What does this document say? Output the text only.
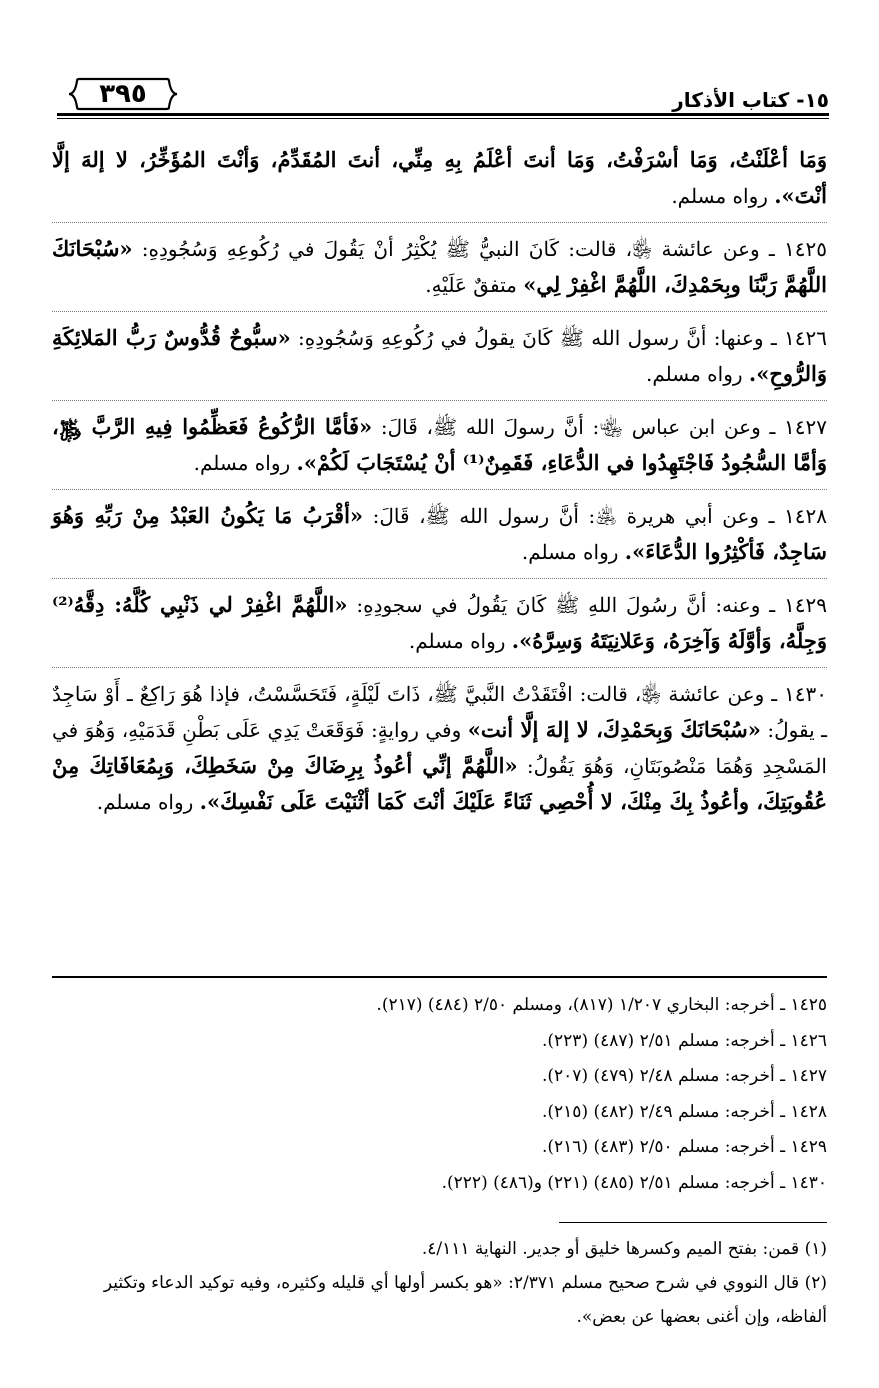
٣٩٥	١٥- كتاب الأذكار

وَمَا أعْلَنْتُ، وَمَا أسْرَفْتُ، وَمَا أنتَ أعْلَمُ بِهِ مِنِّي، أنتَ المُقَدِّمُ، وَأنْتَ المُؤَخِّرُ، لا إلهَ إلَّا أنْتَ». رواه مسلم.

١٤٢٥ ـ وعن عائشة ﵂، قالت: كَانَ النبيُّ ﷺ يُكْثِرُ أنْ يَقُولَ في رُكُوعِهِ وَسُجُودِهِ: «سُبْحَانَكَ اللَّهُمَّ رَبَّنَا وبِحَمْدِكَ، اللَّهُمَّ اغْفِرْ لِي» متفقٌ عَلَيْهِ.

١٤٢٦ ـ وعنها: أنَّ رسول الله ﷺ كَانَ يقولُ في رُكُوعِهِ وَسُجُودِهِ: «سبُّوحٌ قُدُّوسٌ رَبُّ المَلائِكَةِ وَالرُّوحِ». رواه مسلم.

١٤٢٧ ـ وعن ابن عباس ﵄: أنَّ رسولَ الله ﷺ، قَالَ: «فَأمَّا الرُّكُوعُ فَعَظِّمُوا فِيهِ الرَّبَّ ﷿، وَأمَّا السُّجُودُ فَاجْتَهِدُوا في الدُّعَاءِ، فَقَمِنٌ⁽¹⁾ أنْ يُسْتَجَابَ لَكُمْ». رواه مسلم.

١٤٢٨ ـ وعن أبي هريرة ﵁: أنَّ رسول الله ﷺ، قَالَ: «أقْرَبُ مَا يَكُونُ العَبْدُ مِنْ رَبِّهِ وَهُوَ سَاجِدٌ، فَأكْثِرُوا الدُّعَاءَ». رواه مسلم.

١٤٢٩ ـ وعنه: أنَّ رسُولَ اللهِ ﷺ كَانَ يَقُولُ في سجودِهِ: «اللَّهُمَّ اغْفِرْ لي ذَنْبِي كُلَّهُ: دِقَّهُ⁽²⁾ وَجِلَّهُ، وَأوَّلَهُ وَآخِرَهُ، وَعَلانِيَتَهُ وَسِرَّهُ». رواه مسلم.

١٤٣٠ ـ وعن عائشة ﵂، قالت: افْتَقَدْتُ النَّبيَّ ﷺ، ذَاتَ لَيْلَةٍ، فَتَحَسَّسْتُ، فإذا هُوَ رَاكِعٌ ـ أَوْ سَاجِدٌ ـ يقولُ: «سُبْحَانَكَ وَبِحَمْدِكَ، لا إلهَ إلَّا أنت» وفي روايةٍ: فَوَقَعَتْ يَدِي عَلَى بَطْنِ قَدَمَيْهِ، وَهُوَ في المَسْجِدِ وَهُمَا مَنْصُوبَتَانِ، وَهُوَ يَقُولُ: «اللَّهُمَّ إنِّي أعُوذُ بِرِضَاكَ مِنْ سَخَطِكَ، وَبِمُعَافَاتِكَ مِنْ عُقُوبَتِكَ، وأعُوذُ بِكَ مِنْكَ، لا أُحْصِي ثَنَاءً عَلَيْكَ أنْتَ كَمَا أثْنَيْتَ عَلَى نَفْسِكَ». رواه مسلم.

١٤٢٥ ـ أخرجه: البخاري ١/٢٠٧ (٨١٧)، ومسلم ٢/٥٠ (٤٨٤) (٢١٧).
١٤٢٦ ـ أخرجه: مسلم ٢/٥١ (٤٨٧) (٢٢٣).
١٤٢٧ ـ أخرجه: مسلم ٢/٤٨ (٤٧٩) (٢٠٧).
١٤٢٨ ـ أخرجه: مسلم ٢/٤٩ (٤٨٢) (٢١٥).
١٤٢٩ ـ أخرجه: مسلم ٢/٥٠ (٤٨٣) (٢١٦).
١٤٣٠ ـ أخرجه: مسلم ٢/٥١ (٤٨٥) (٢٢١) و(٤٨٦) (٢٢٢).
(١) قمن: بفتح الميم وكسرها خليق أو جدير. النهاية ٤/١١١.
(٢) قال النووي في شرح صحيح مسلم ٢/٣٧١: «هو بكسر أولها أي قليله وكثيره، وفيه توكيد الدعاء وتكثير ألفاظه، وإن أغنى بعضها عن بعض».
